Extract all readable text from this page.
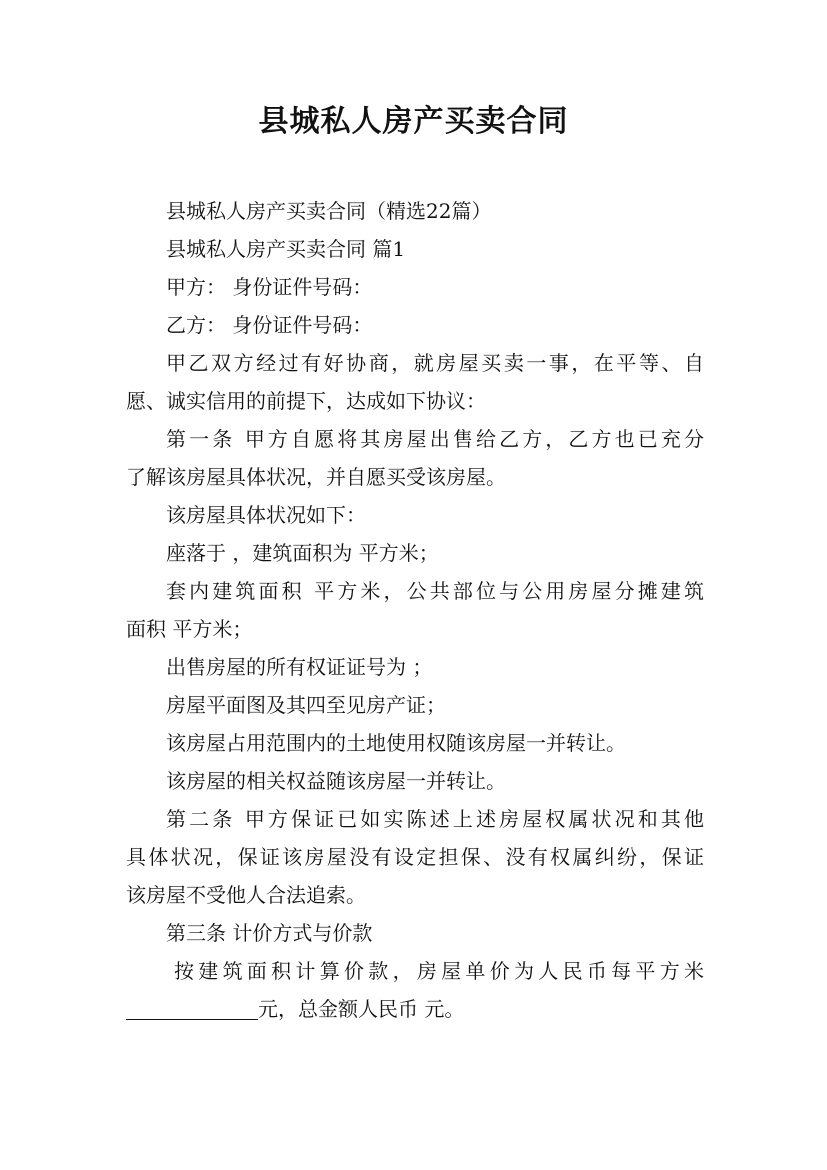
县城私人房产买卖合同

县城私人房产买卖合同（精选22篇）

县城私人房产买卖合同 篇1

甲方： 身份证件号码：

乙方： 身份证件号码：

甲乙双方经过有好协商，就房屋买卖一事，在平等、自
愿、诚实信用的前提下，达成如下协议：

第一条 甲方自愿将其房屋出售给乙方，乙方也已充分
了解该房屋具体状况，并自愿买受该房屋。

该房屋具体状况如下：

座落于 ，建筑面积为 平方米；

套内建筑面积 平方米，公共部位与公用房屋分摊建筑
面积 平方米；

出售房屋的所有权证证号为 ；

房屋平面图及其四至见房产证；

该房屋占用范围内的土地使用权随该房屋一并转让。

该房屋的相关权益随该房屋一并转让。

第二条 甲方保证已如实陈述上述房屋权属状况和其他
具体状况，保证该房屋没有设定担保、没有权属纠纷，保证
该房屋不受他人合法追索。

第三条 计价方式与价款

按建筑面积计算价款，房屋单价为人民币每平方米
元，总金额人民币 元。
